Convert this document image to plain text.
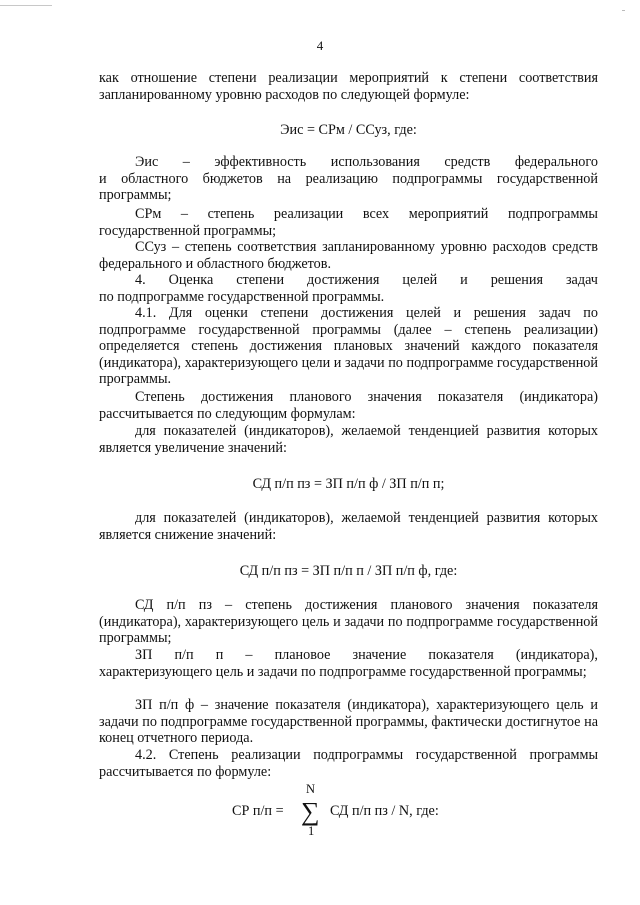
4
как отношение степени реализации мероприятий к степени соответствия запланированному уровню расходов по следующей формуле:
Эис = СРм / ССуз, где:
Эис – эффективность использования средств федерального
и областного бюджетов на реализацию подпрограммы государственной программы;
СРм – степень реализации всех мероприятий подпрограммы
государственной программы;
ССуз – степень соответствия запланированному уровню расходов средств федерального и областного бюджетов.
4. Оценка степени достижения целей и решения задач
по подпрограмме государственной программы.
4.1. Для оценки степени достижения целей и решения задач по подпрограмме государственной программы (далее – степень реализации) определяется степень достижения плановых значений каждого показателя (индикатора), характеризующего цели и задачи по подпрограмме государственной программы.
Степень достижения планового значения показателя (индикатора) рассчитывается по следующим формулам:
для показателей (индикаторов), желаемой тенденцией развития которых является увеличение значений:
СД п/п пз = ЗП п/п ф / ЗП п/п п;
для показателей (индикаторов), желаемой тенденцией развития которых является снижение значений:
СД п/п пз = ЗП п/п п / ЗП п/п ф, где:
СД п/п пз – степень достижения планового значения показателя (индикатора), характеризующего цель и задачи по подпрограмме государственной программы;
ЗП п/п п – плановое значение показателя (индикатора),
характеризующего цель и задачи по подпрограмме государственной программы;
ЗП п/п ф – значение показателя (индикатора), характеризующего цель и задачи по подпрограмме государственной программы, фактически достигнутое на конец отчетного периода.
4.2. Степень реализации подпрограммы государственной программы рассчитывается по формуле:
СР п/п =
N
∑
1
СД п/п пз / N, где:
